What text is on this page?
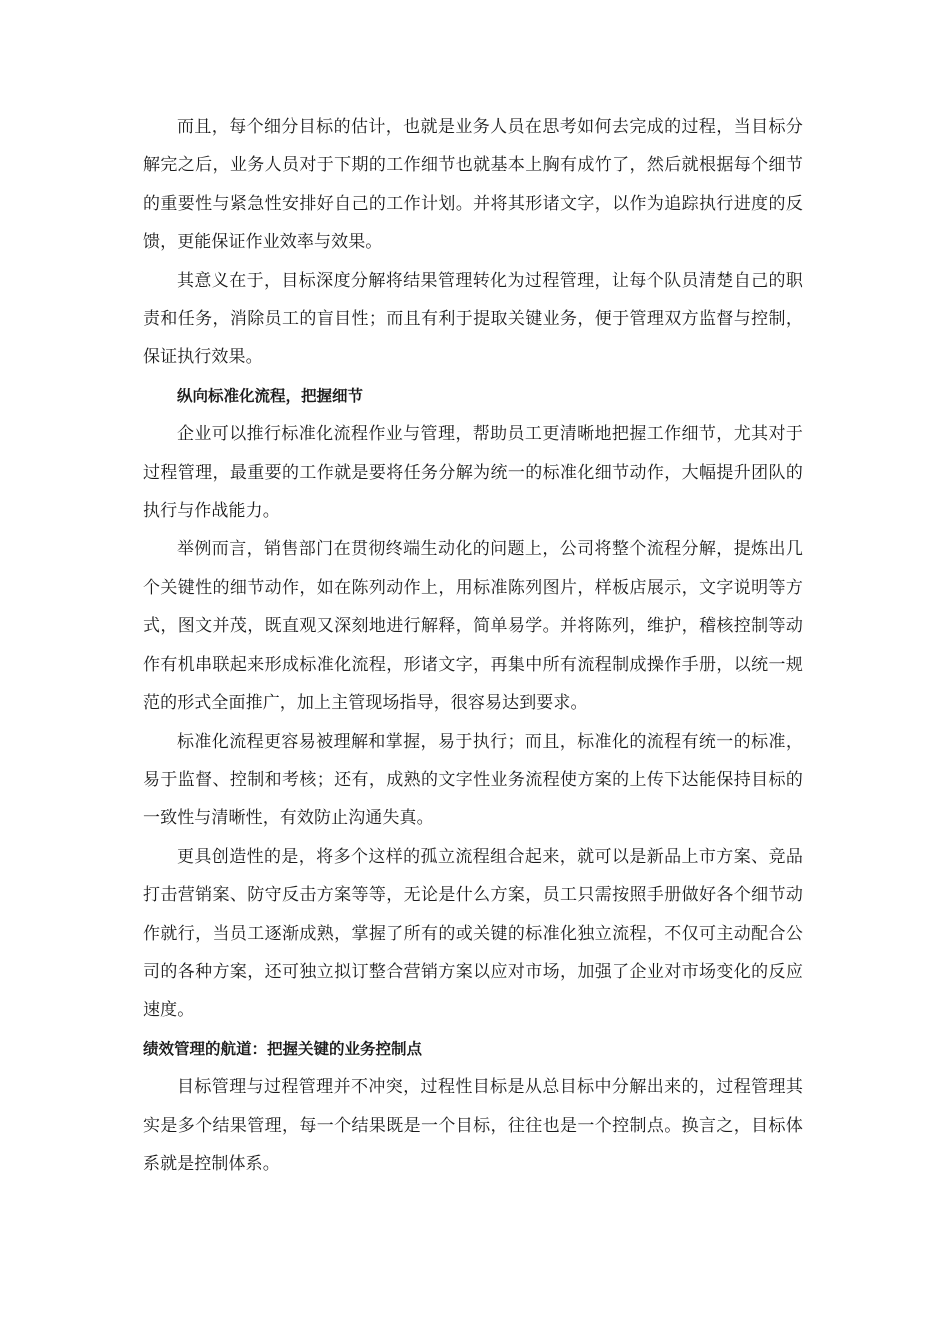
而且，每个细分目标的估计，也就是业务人员在思考如何去完成的过程，当目标分解完之后，业务人员对于下期的工作细节也就基本上胸有成竹了，然后就根据每个细节的重要性与紧急性安排好自己的工作计划。并将其形诸文字，以作为追踪执行进度的反馈，更能保证作业效率与效果。

其意义在于，目标深度分解将结果管理转化为过程管理，让每个队员清楚自己的职责和任务，消除员工的盲目性；而且有利于提取关键业务，便于管理双方监督与控制，保证执行效果。

纵向标准化流程，把握细节

企业可以推行标准化流程作业与管理，帮助员工更清晰地把握工作细节，尤其对于过程管理，最重要的工作就是要将任务分解为统一的标准化细节动作，大幅提升团队的执行与作战能力。

举例而言，销售部门在贯彻终端生动化的问题上，公司将整个流程分解，提炼出几个关键性的细节动作，如在陈列动作上，用标准陈列图片，样板店展示，文字说明等方式，图文并茂，既直观又深刻地进行解释，简单易学。并将陈列，维护，稽核控制等动作有机串联起来形成标准化流程，形诸文字，再集中所有流程制成操作手册，以统一规范的形式全面推广，加上主管现场指导，很容易达到要求。

标准化流程更容易被理解和掌握，易于执行；而且，标准化的流程有统一的标准，易于监督、控制和考核；还有，成熟的文字性业务流程使方案的上传下达能保持目标的一致性与清晰性，有效防止沟通失真。

更具创造性的是，将多个这样的孤立流程组合起来，就可以是新品上市方案、竞品打击营销案、防守反击方案等等，无论是什么方案，员工只需按照手册做好各个细节动作就行，当员工逐渐成熟，掌握了所有的或关键的标准化独立流程，不仅可主动配合公司的各种方案，还可独立拟订整合营销方案以应对市场，加强了企业对市场变化的反应速度。

绩效管理的航道：把握关键的业务控制点

目标管理与过程管理并不冲突，过程性目标是从总目标中分解出来的，过程管理其实是多个结果管理，每一个结果既是一个目标，往往也是一个控制点。换言之，目标体系就是控制体系。
